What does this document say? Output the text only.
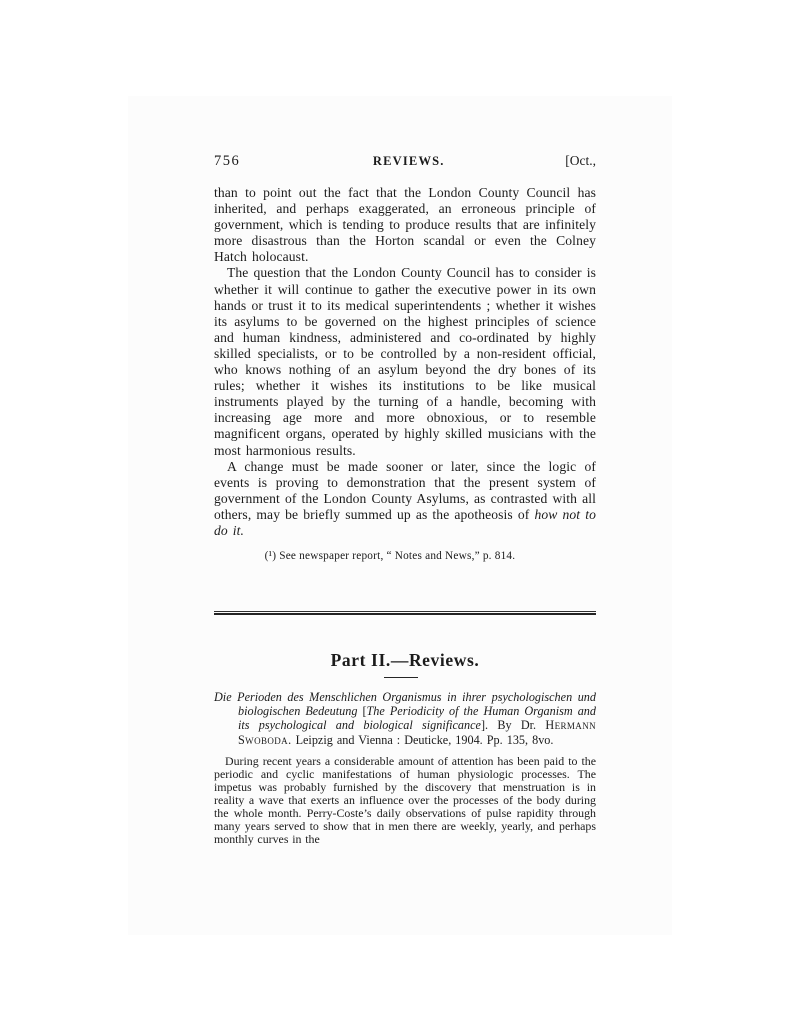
756	REVIEWS.	[Oct.,

than to point out the fact that the London County Council has inherited, and perhaps exaggerated, an erroneous principle of government, which is tending to produce results that are infinitely more disastrous than the Horton scandal or even the Colney Hatch holocaust.

The question that the London County Council has to consider is whether it will continue to gather the executive power in its own hands or trust it to its medical superintendents ; whether it wishes its asylums to be governed on the highest principles of science and human kindness, administered and co-ordinated by highly skilled specialists, or to be controlled by a non-resident official, who knows nothing of an asylum beyond the dry bones of its rules; whether it wishes its institutions to be like musical instruments played by the turning of a handle, becoming with increasing age more and more obnoxious, or to resemble magnificent organs, operated by highly skilled musicians with the most harmonious results.

A change must be made sooner or later, since the logic of events is proving to demonstration that the present system of government of the London County Asylums, as contrasted with all others, may be briefly summed up as the apotheosis of how not to do it.

(¹) See newspaper report, “ Notes and News,” p. 814.
Part II.—Reviews.
Die Perioden des Menschlichen Organismus in ihrer psychologischen und biologischen Bedeutung [The Periodicity of the Human Organism and its psychological and biological significance]. By Dr. Hermann Swoboda. Leipzig and Vienna : Deuticke, 1904. Pp. 135, 8vo.

During recent years a considerable amount of attention has been paid to the periodic and cyclic manifestations of human physiologic processes. The impetus was probably furnished by the discovery that menstruation is in reality a wave that exerts an influence over the processes of the body during the whole month. Perry-Coste’s daily observations of pulse rapidity through many years served to show that in men there are weekly, yearly, and perhaps monthly curves in the
